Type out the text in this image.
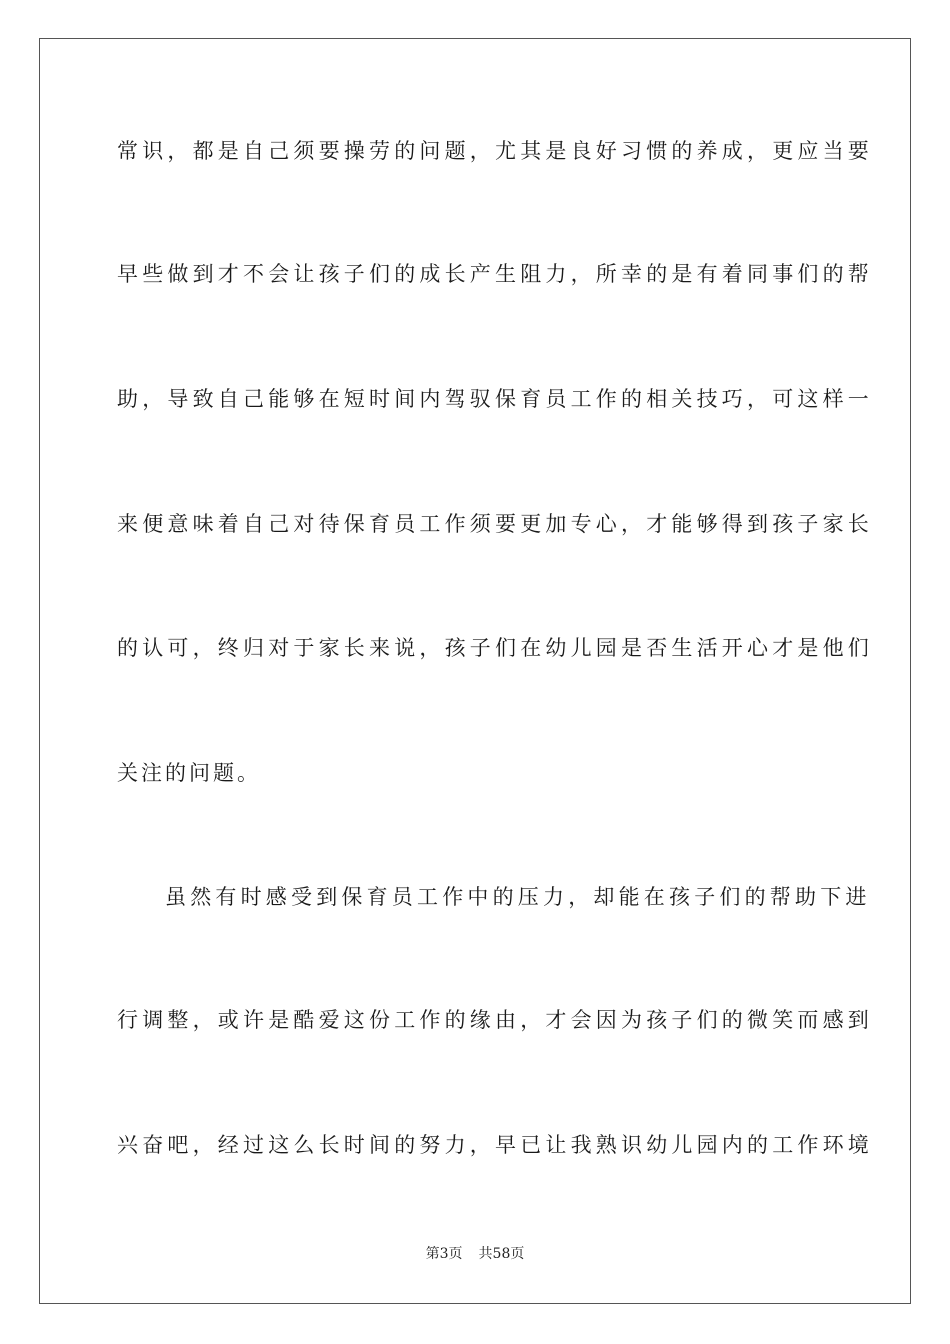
常识，都是自己须要操劳的问题，尤其是良好习惯的养成，更应当要
早些做到才不会让孩子们的成长产生阻力，所幸的是有着同事们的帮
助，导致自己能够在短时间内驾驭保育员工作的相关技巧，可这样一
来便意味着自己对待保育员工作须要更加专心，才能够得到孩子家长
的认可，终归对于家长来说，孩子们在幼儿园是否生活开心才是他们
关注的问题。
虽然有时感受到保育员工作中的压力，却能在孩子们的帮助下进
行调整，或许是酷爱这份工作的缘由，才会因为孩子们的微笑而感到
兴奋吧，经过这么长时间的努力，早已让我熟识幼儿园内的工作环境
第3页 共58页
